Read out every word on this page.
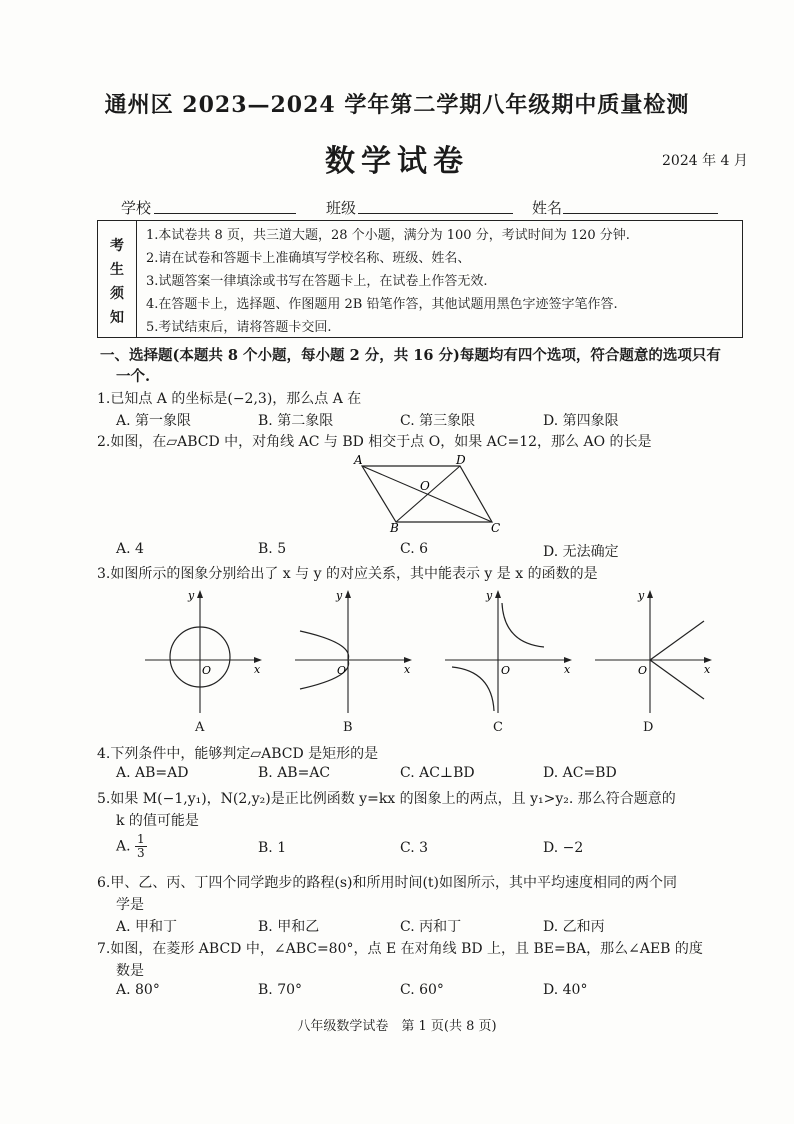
通州区 2023—2024 学年第二学期八年级期中质量检测
数学试卷	2024 年 4 月
学校	班级	姓名
考
生
须
知
1.本试卷共 8 页，共三道大题，28 个小题，满分为 100 分，考试时间为 120 分钟.
2.请在试卷和答题卡上准确填写学校名称、班级、姓名、
3.试题答案一律填涂或书写在答题卡上，在试卷上作答无效.
4.在答题卡上，选择题、作图题用 2B 铅笔作答，其他试题用黑色字迹签字笔作答.
5.考试结束后，请将答题卡交回.
一、选择题(本题共 8 个小题，每小题 2 分，共 16 分)每题均有四个选项，符合题意的选项只有
一个.
1.已知点 A 的坐标是(−2,3)，那么点 A 在
A. 第一象限	B. 第二象限	C. 第三象限	D. 第四象限
2.如图，在▱ABCD 中，对角线 AC 与 BD 相交于点 O，如果 AC=12，那么 AO 的长是
A	D
B	C
O
A. 4	B. 5	C. 6	D. 无法确定
3.如图所示的图象分别给出了 x 与 y 的对应关系，其中能表示 y 是 x 的函数的是
y
x
O
y
x
O
y
x
O
y
x
O
A	B	C	D
4.下列条件中，能够判定▱ABCD 是矩形的是
A. AB=AD	B. AB=AC	C. AC⊥BD	D. AC=BD
5.如果 M(−1,y₁)，N(2,y₂)是正比例函数 y=kx 的图象上的两点，且 y₁>y₂. 那么符合题意的
k 的值可能是
A. $\frac{1}{3}$	B. 1	C. 3	D. −2
6.甲、乙、丙、丁四个同学跑步的路程(s)和所用时间(t)如图所示，其中平均速度相同的两个同
学是
A. 甲和丁	B. 甲和乙	C. 丙和丁	D. 乙和丙
7.如图，在菱形 ABCD 中，∠ABC=80°，点 E 在对角线 BD 上，且 BE=BA，那么∠AEB 的度
数是
A. 80°	B. 70°	C. 60°	D. 40°
八年级数学试卷　第 1 页(共 8 页)
